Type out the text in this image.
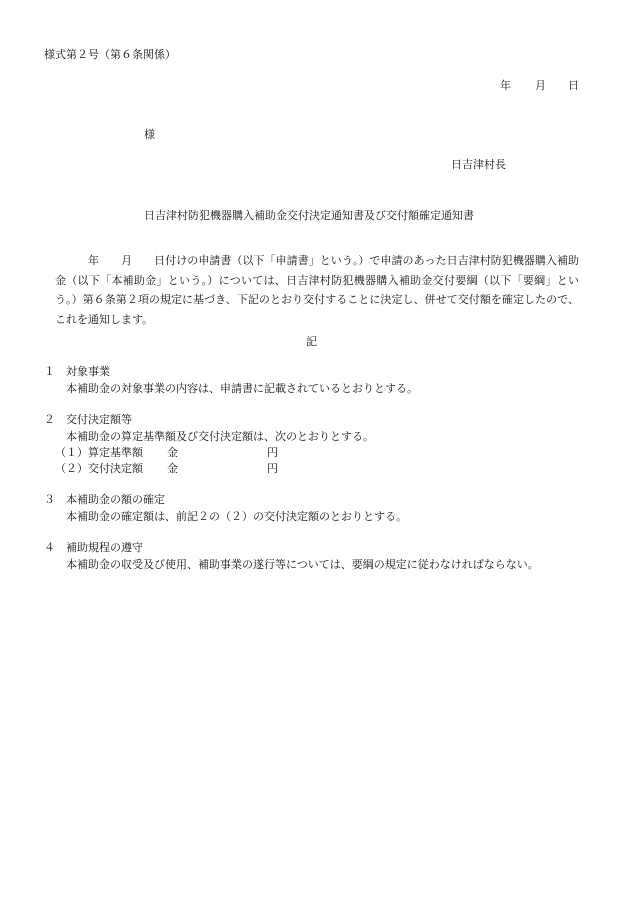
様式第２号（第６条関係）
年 月 日
様
日吉津村長
日吉津村防犯機器購入補助金交付決定通知書及び交付額確定通知書

年 月 日付けの申請書（以下「申請書」という。）で申請のあった日吉津村防犯機器購入補助金（以下「本補助金」という。）については、日吉津村防犯機器購入補助金交付要綱（以下「要綱」という。）第６条第２項の規定に基づき、下記のとおり交付することに決定し、併せて交付額を確定したので、これを通知します。

記
１ 対象事業
本補助金の対象事業の内容は、申請書に記載されているとおりとする。
２ 交付決定額等
本補助金の算定基準額及び交付決定額は、次のとおりとする。
（１）算定基準額 金	円
（２）交付決定額 金	円
３ 本補助金の額の確定
本補助金の確定額は、前記２の（２）の交付決定額のとおりとする。
４ 補助規程の遵守
本補助金の収受及び使用、補助事業の遂行等については、要綱の規定に従わなければならない。
